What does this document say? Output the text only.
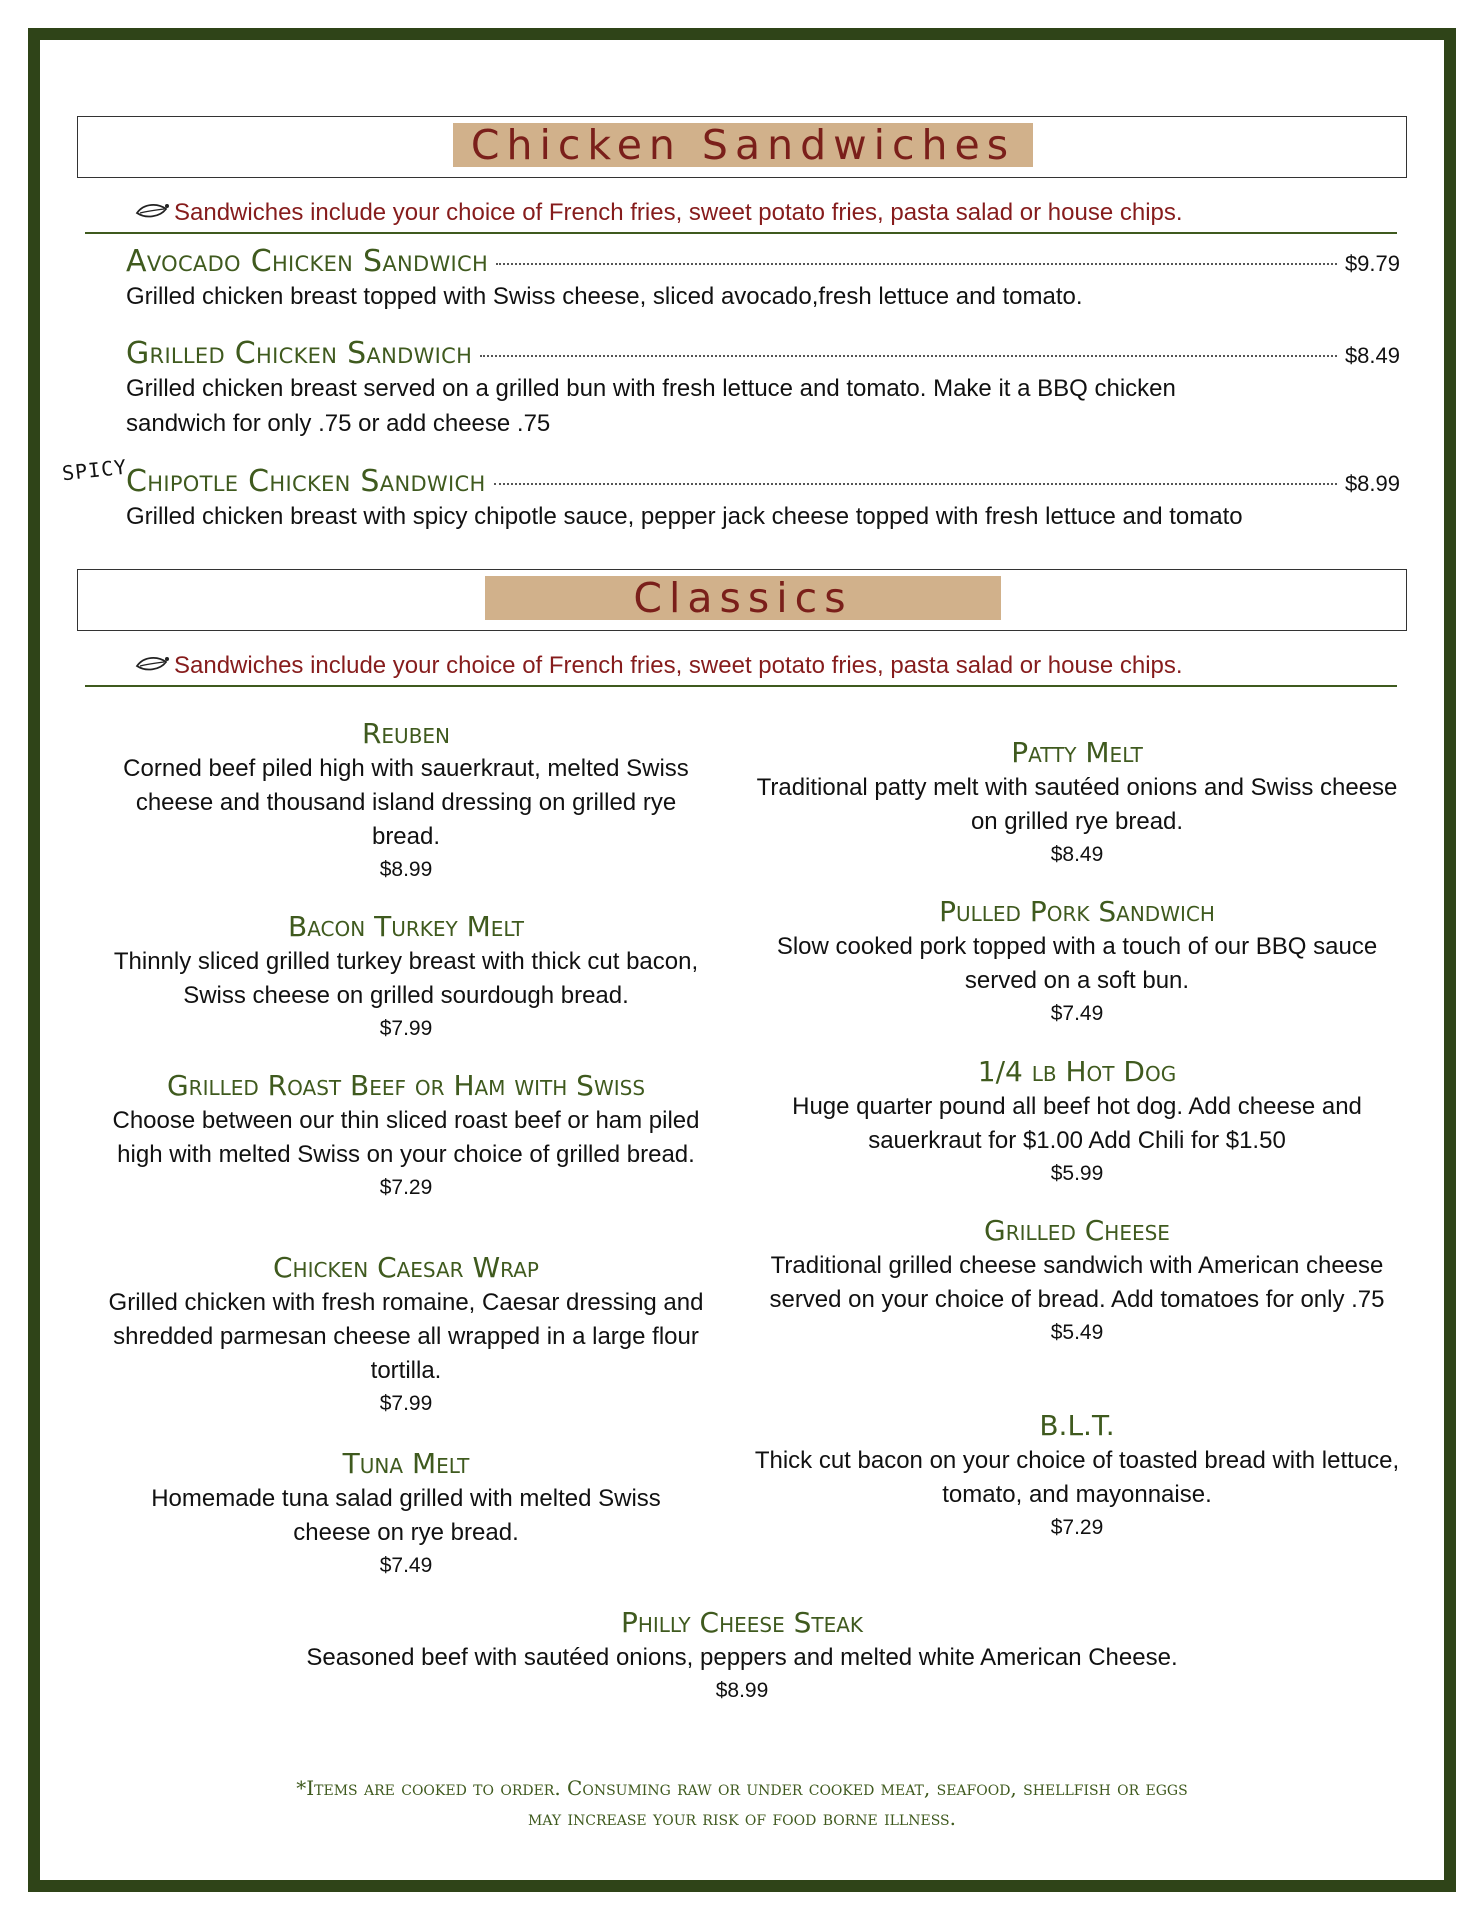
Chicken Sandwiches
Sandwiches include your choice of French fries, sweet potato fries, pasta salad or house chips.
Avocado Chicken Sandwich	$9.79
Grilled chicken breast topped with Swiss cheese, sliced avocado,fresh lettuce and tomato.
Grilled Chicken Sandwich	$8.49
Grilled chicken breast served on a grilled bun with fresh lettuce and tomato. Make it a BBQ chicken sandwich for only .75 or add cheese .75
SPICY
Chipotle Chicken Sandwich	$8.99
Grilled chicken breast with spicy chipotle sauce, pepper jack cheese topped with fresh lettuce and tomato
Classics
Sandwiches include your choice of French fries, sweet potato fries, pasta salad or house chips.
Reuben
Corned beef piled high with sauerkraut, melted Swiss cheese and thousand island dressing on grilled rye bread.
$8.99
Bacon Turkey Melt
Thinnly sliced grilled turkey breast with thick cut bacon, Swiss cheese on grilled sourdough bread.
$7.99
Grilled Roast Beef or Ham with Swiss
Choose between our thin sliced roast beef or ham piled high with melted Swiss on your choice of grilled bread.
$7.29
Chicken Caesar Wrap
Grilled chicken with fresh romaine, Caesar dressing and shredded parmesan cheese all wrapped in a large flour tortilla.
$7.99
Tuna Melt
Homemade tuna salad grilled with melted Swiss cheese on rye bread.
$7.49
Patty Melt
Traditional patty melt with sautéed onions and Swiss cheese on grilled rye bread.
$8.49
Pulled Pork Sandwich
Slow cooked pork topped with a touch of our BBQ sauce served on a soft bun.
$7.49
1/4 lb Hot Dog
Huge quarter pound all beef hot dog. Add cheese and sauerkraut for $1.00 Add Chili for $1.50
$5.99
Grilled Cheese
Traditional grilled cheese sandwich with American cheese served on your choice of bread. Add tomatoes for only .75
$5.49
B.L.T.
Thick cut bacon on your choice of toasted bread with lettuce, tomato, and mayonnaise.
$7.29
Philly Cheese Steak
Seasoned beef with sautéed onions, peppers and melted white American Cheese.
$8.99
*Items are cooked to order. Consuming raw or under cooked meat, seafood, shellfish or eggs
may increase your risk of food borne illness.
